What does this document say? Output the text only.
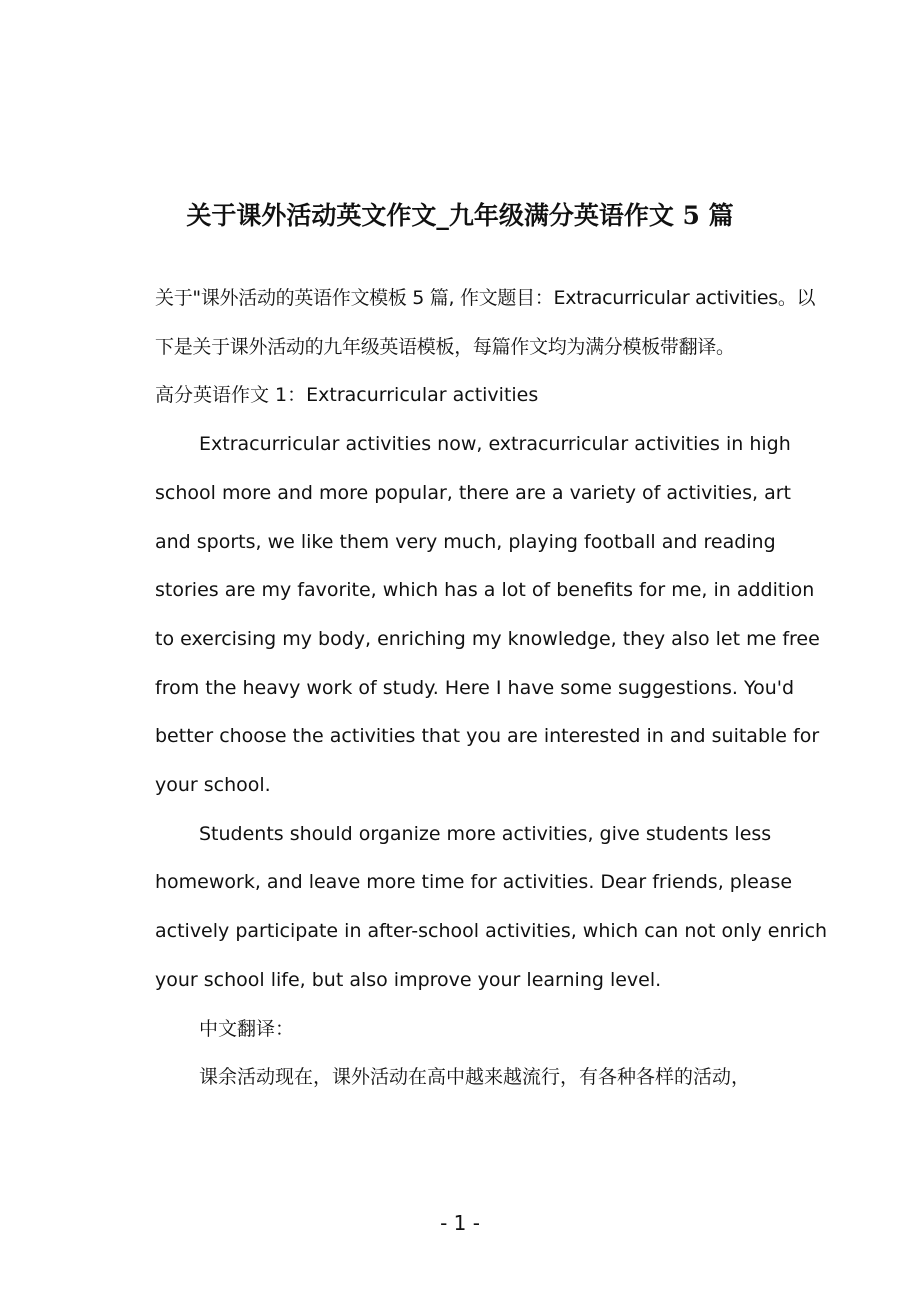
关于课外活动英文作文_九年级满分英语作文 5 篇

关于"课外活动的英语作文模板 5 篇, 作文题目：Extracurricular activities。以下是关于课外活动的九年级英语模板，每篇作文均为满分模板带翻译。

高分英语作文 1：Extracurricular activities

Extracurricular activities now, extracurricular activities in high school more and more popular, there are a variety of activities, art and sports, we like them very much, playing football and reading stories are my favorite, which has a lot of benefits for me, in addition to exercising my body, enriching my knowledge, they also let me free from the heavy work of study. Here I have some suggestions. You'd better choose the activities that you are interested in and suitable for your school.

Students should organize more activities, give students less homework, and leave more time for activities. Dear friends, please actively participate in after-school activities, which can not only enrich your school life, but also improve your learning level.

中文翻译：

课余活动现在，课外活动在高中越来越流行，有各种各样的活动，

- 1 -
